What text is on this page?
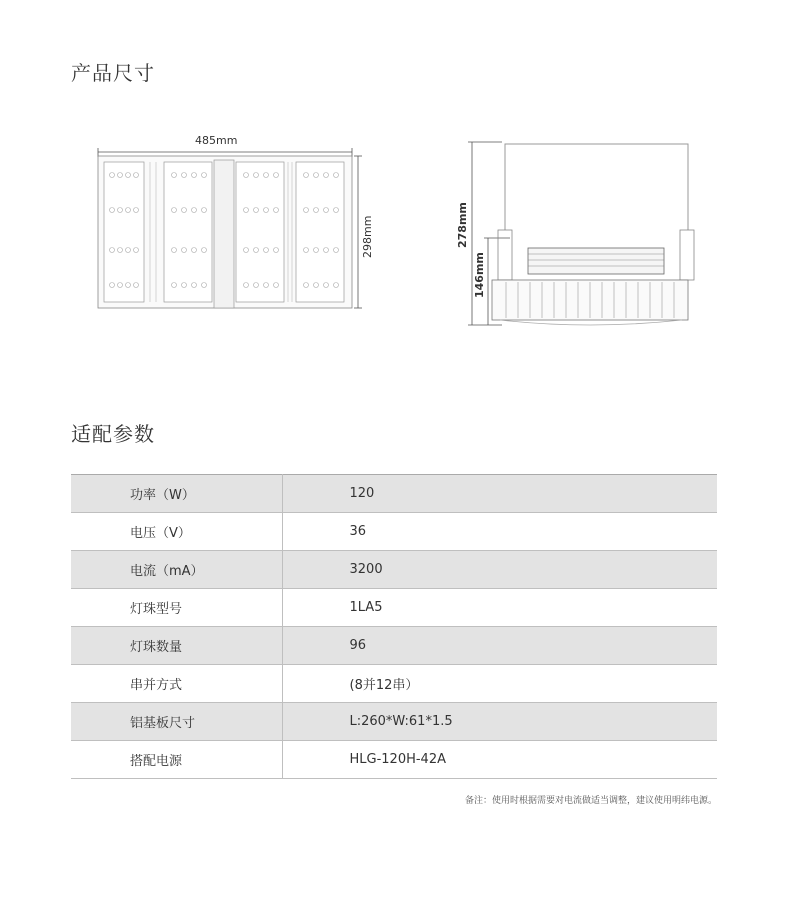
产品尺寸
485mm
298mm	278mm
146mm
适配参数
功率（W）	120
电压（V）	36
电流（mA）	3200
灯珠型号	1LA5
灯珠数量	96
串并方式	(8并12串）
铝基板尺寸	L:260*W:61*1.5
搭配电源	HLG-120H-42A
备注：使用时根据需要对电流做适当调整，建议使用明纬电源。
